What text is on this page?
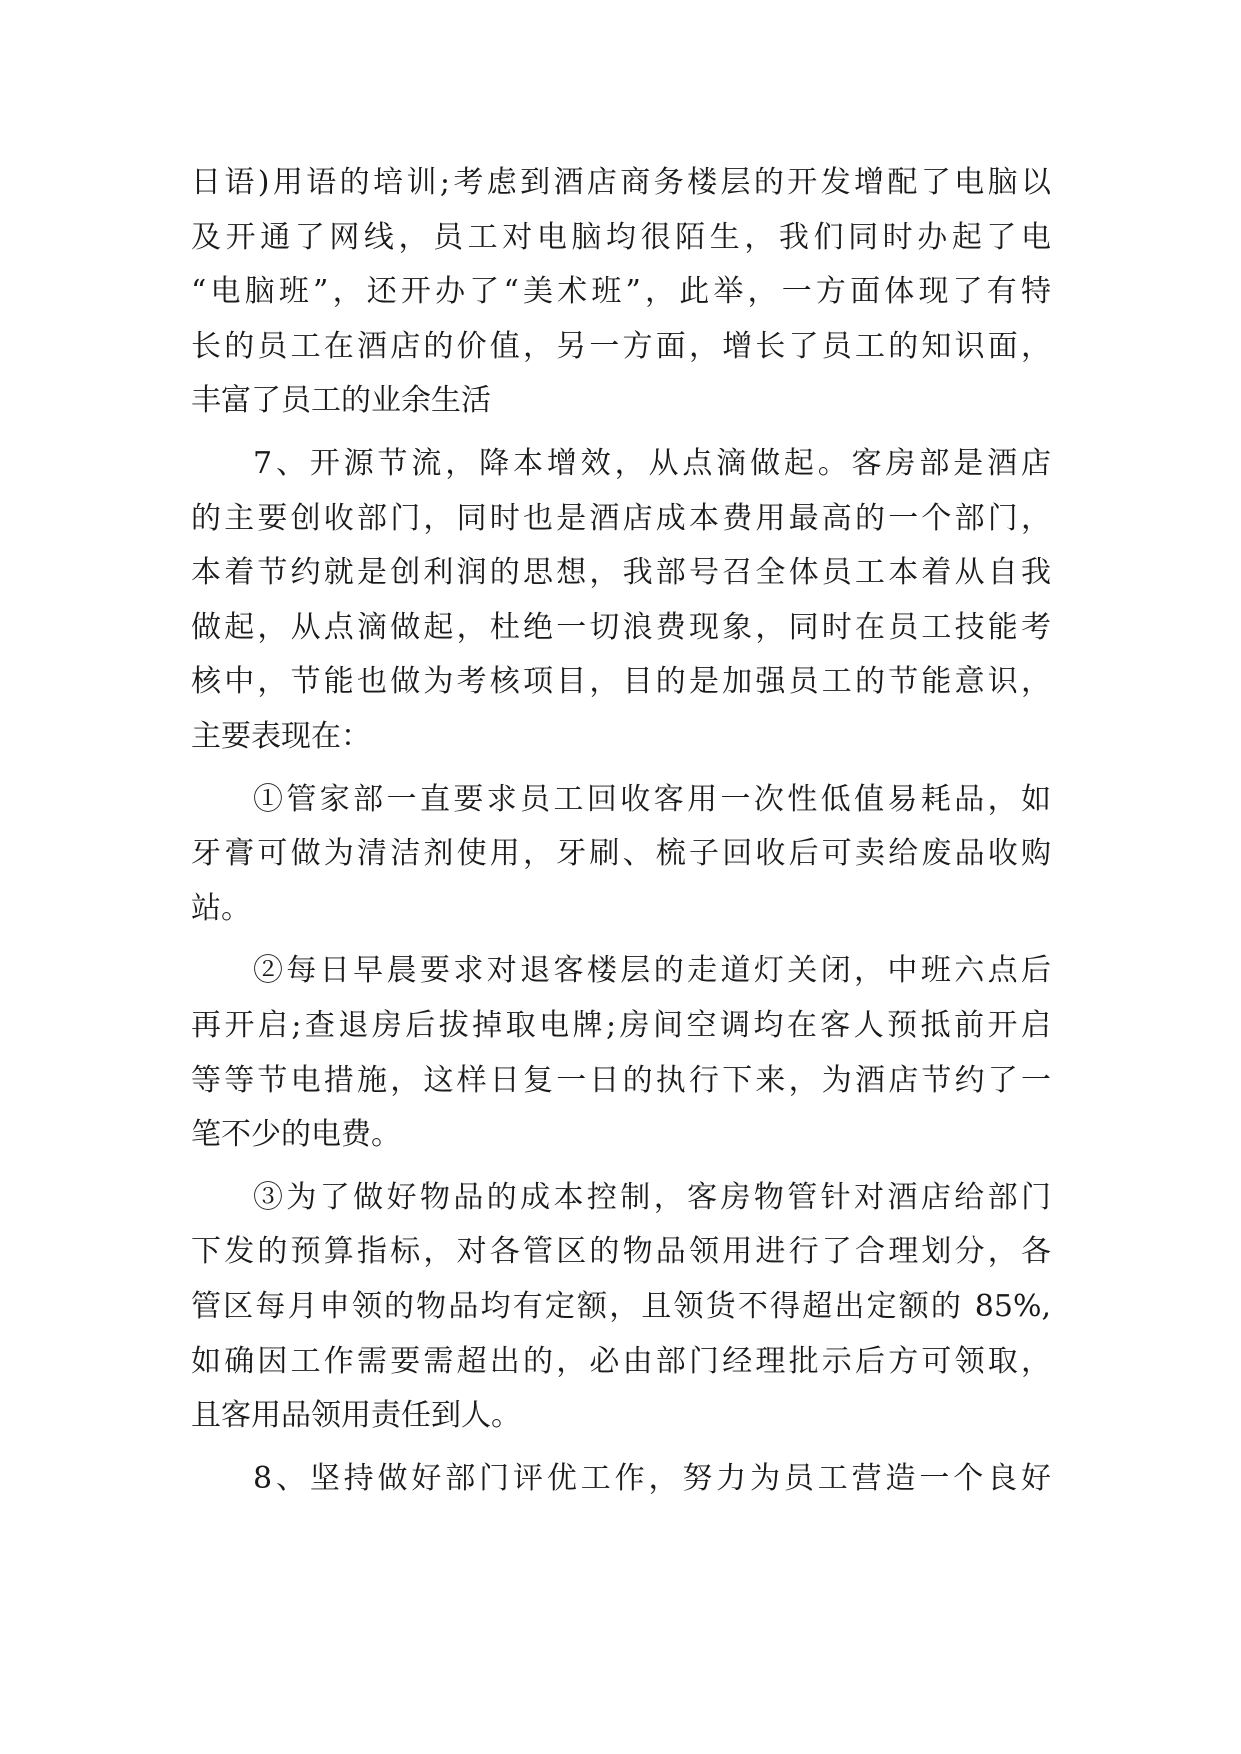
日语)用语的培训;考虑到酒店商务楼层的开发增配了电脑以
及开通了网线，员工对电脑均很陌生，我们同时办起了电
“电脑班”，还开办了“美术班”，此举，一方面体现了有特
长的员工在酒店的价值，另一方面，增长了员工的知识面，
丰富了员工的业余生活
7、开源节流，降本增效，从点滴做起。客房部是酒店
的主要创收部门，同时也是酒店成本费用最高的一个部门，
本着节约就是创利润的思想，我部号召全体员工本着从自我
做起，从点滴做起，杜绝一切浪费现象，同时在员工技能考
核中，节能也做为考核项目，目的是加强员工的节能意识，
主要表现在：
①管家部一直要求员工回收客用一次性低值易耗品，如
牙膏可做为清洁剂使用，牙刷、梳子回收后可卖给废品收购
站。
②每日早晨要求对退客楼层的走道灯关闭，中班六点后
再开启;查退房后拔掉取电牌;房间空调均在客人预抵前开启
等等节电措施，这样日复一日的执行下来，为酒店节约了一
笔不少的电费。
③为了做好物品的成本控制，客房物管针对酒店给部门
下发的预算指标，对各管区的物品领用进行了合理划分，各
管区每月申领的物品均有定额，且领货不得超出定额的 85%,
如确因工作需要需超出的，必由部门经理批示后方可领取，
且客用品领用责任到人。
8、坚持做好部门评优工作，努力为员工营造一个良好
